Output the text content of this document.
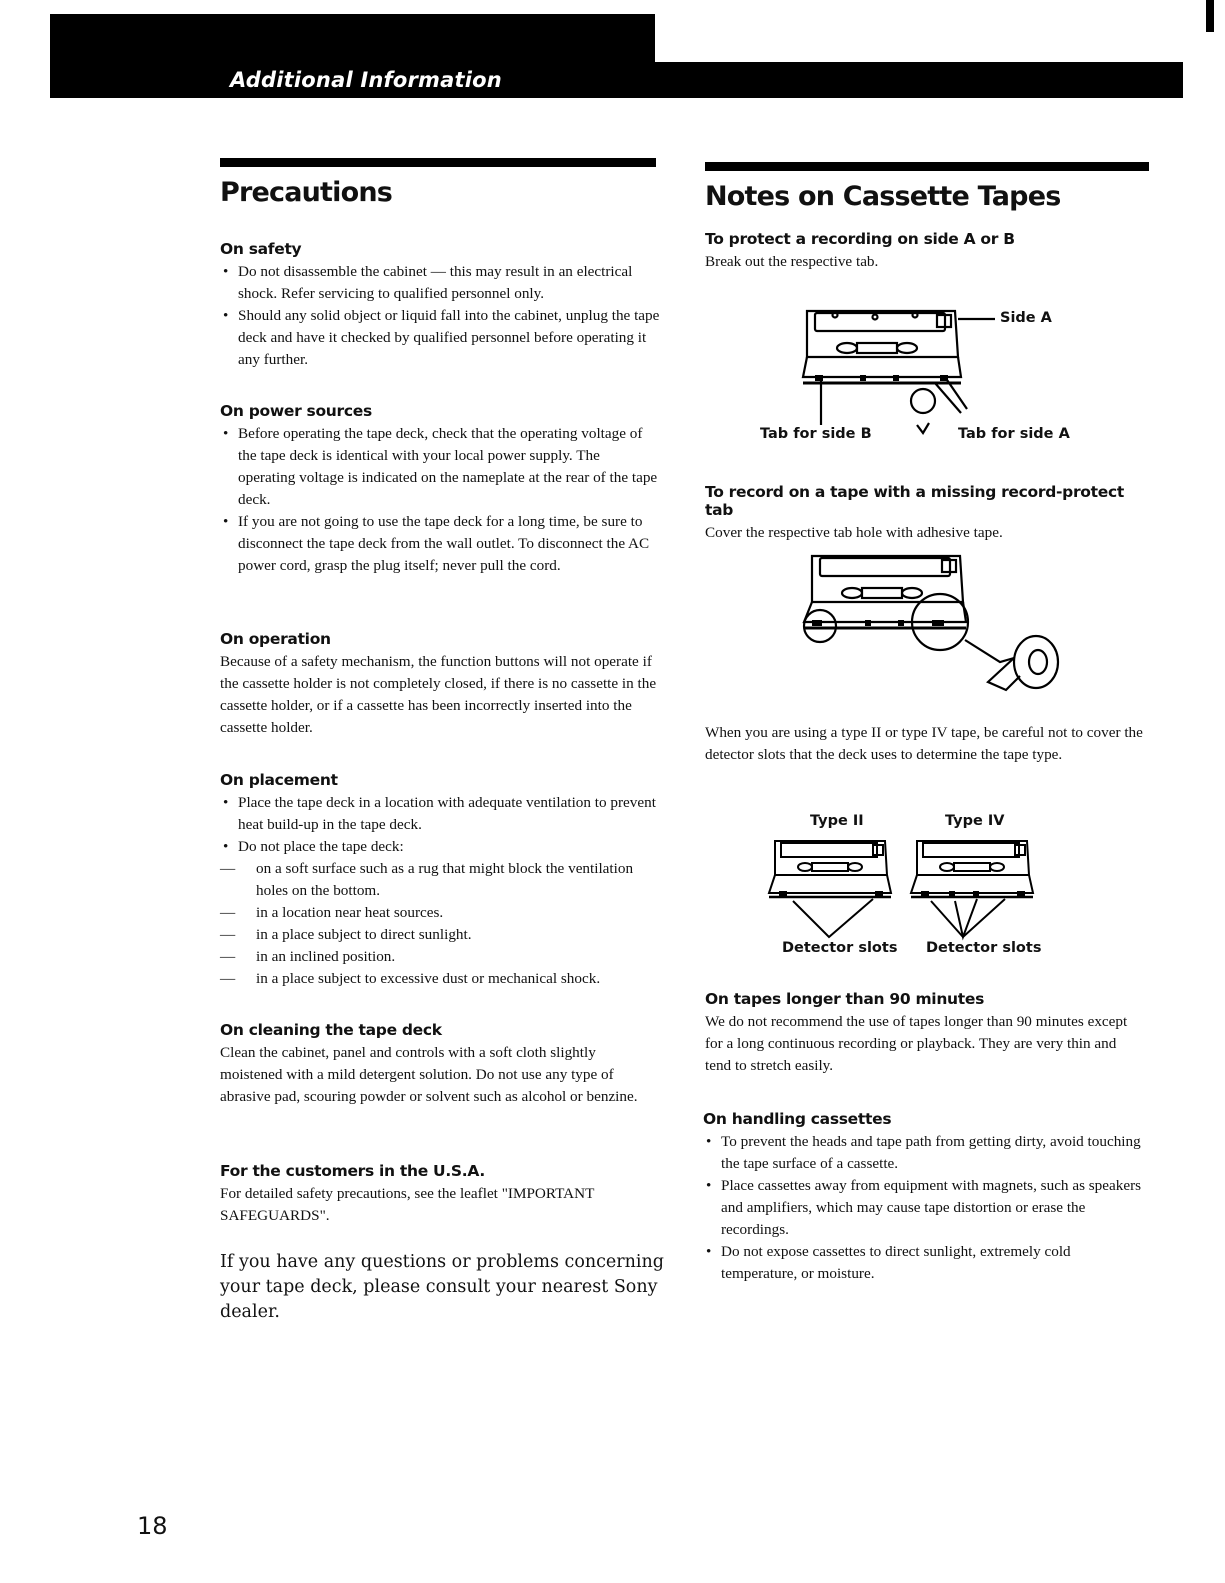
Additional Information
Precautions
On safety
• Do not disassemble the cabinet — this may result in an electrical shock. Refer servicing to qualified personnel only.
• Should any solid object or liquid fall into the cabinet, unplug the tape deck and have it checked by qualified personnel before operating it any further.
On power sources
• Before operating the tape deck, check that the operating voltage of the tape deck is identical with your local power supply. The operating voltage is indicated on the nameplate at the rear of the tape deck.
• If you are not going to use the tape deck for a long time, be sure to disconnect the tape deck from the wall outlet. To disconnect the AC power cord, grasp the plug itself; never pull the cord.
On operation

Because of a safety mechanism, the function buttons will not operate if the cassette holder is not completely closed, if there is no cassette in the cassette holder, or if a cassette has been incorrectly inserted into the cassette holder.

On placement
• Place the tape deck in a location with adequate ventilation to prevent heat build-up in the tape deck.
• Do not place the tape deck:
— on a soft surface such as a rug that might block the ventilation holes on the bottom.
— in a location near heat sources.
— in a place subject to direct sunlight.
— in an inclined position.
— in a place subject to excessive dust or mechanical shock.
On cleaning the tape deck

Clean the cabinet, panel and controls with a soft cloth slightly moistened with a mild detergent solution. Do not use any type of abrasive pad, scouring powder or solvent such as alcohol or benzine.

For the customers in the U.S.A.

For detailed safety precautions, see the leaflet "IMPORTANT SAFEGUARDS".

If you have any questions or problems concerning your tape deck, please consult your nearest Sony dealer.

Notes on Cassette Tapes
To protect a recording on side A or B

Break out the respective tab.

Side A
Tab for side B	Tab for side A
To record on a tape with a missing record-protect tab

Cover the respective tab hole with adhesive tape.

When you are using a type II or type IV tape, be careful not to cover the detector slots that the deck uses to determine the tape type.

Type II	Type IV
Detector slots Detector slots
On tapes longer than 90 minutes

We do not recommend the use of tapes longer than 90 minutes except for a long continuous recording or playback. They are very thin and tend to stretch easily.

On handling cassettes
• To prevent the heads and tape path from getting dirty, avoid touching the tape surface of a cassette.
• Place cassettes away from equipment with magnets, such as speakers and amplifiers, which may cause tape distortion or erase the recordings.
• Do not expose cassettes to direct sunlight, extremely cold temperature, or moisture.
18
